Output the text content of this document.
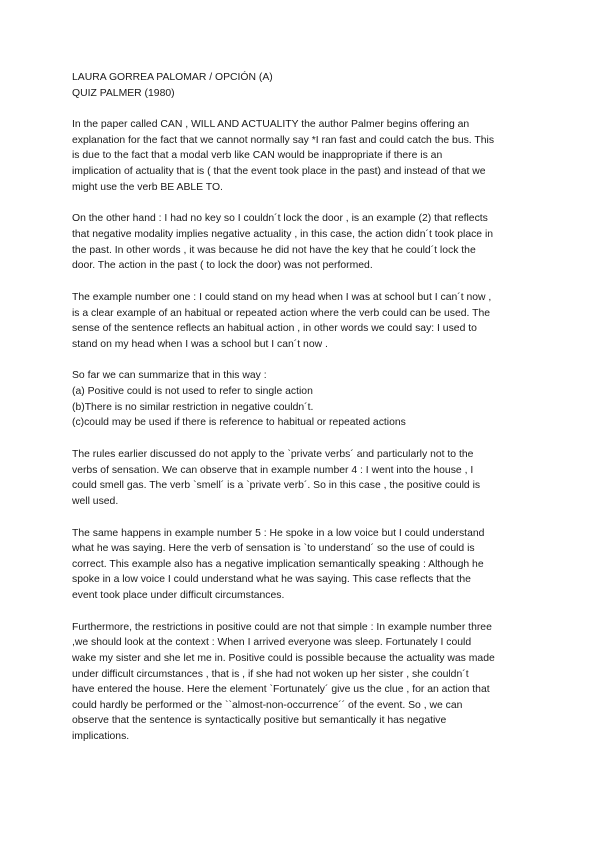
LAURA GORREA PALOMAR / OPCIÓN (A)

QUIZ PALMER (1980)

In the paper called CAN , WILL AND ACTUALITY the author Palmer begins offering an
explanation for the fact that we cannot normally say *I ran fast and could catch the bus. This
is due to the fact that a modal verb like CAN would be inappropriate if there is an
implication of actuality that is ( that the event took place in the past) and instead of that we
might use the verb BE ABLE TO.

On the other hand : I had no key so I couldn´t lock the door , is an example (2) that reflects
that negative modality implies negative actuality , in this case, the action didn´t took place in
the past. In other words , it was because he did not have the key that he could´t lock the
door. The action in the past ( to lock the door) was not performed.

The example number one : I could stand on my head when I was at school but I can´t now ,
is a clear example of an habitual or repeated action where the verb could can be used. The
sense of the sentence reflects an habitual action , in other words we could say: I used to
stand on my head when I was a school but I can´t now .

So far we can summarize that in this way :
(a) Positive could is not used to refer to single action
(b)There is no similar restriction in negative couldn´t.
(c)could may be used if there is reference to habitual or repeated actions

The rules earlier discussed do not apply to the `private verbs´ and particularly not to the
verbs of sensation. We can observe that in example number 4 : I went into the house , I
could smell gas. The verb `smell´ is a `private verb´. So in this case , the positive could is
well used.

The same happens in example number 5 : He spoke in a low voice but I could understand
what he was saying. Here the verb of sensation is `to understand´ so the use of could is
correct. This example also has a negative implication semantically speaking : Although he
spoke in a low voice I could understand what he was saying. This case reflects that the
event took place under difficult circumstances.

Furthermore, the restrictions in positive could are not that simple : In example number three
,we should look at the context : When I arrived everyone was sleep. Fortunately I could
wake my sister and she let me in. Positive could is possible because the actuality was made
under difficult circumstances , that is , if she had not woken up her sister , she couldn´t
have entered the house. Here the element `Fortunately´ give us the clue , for an action that
could hardly be performed or the ``almost-non-occurrence´´ of the event. So , we can
observe that the sentence is syntactically positive but semantically it has negative
implications.
